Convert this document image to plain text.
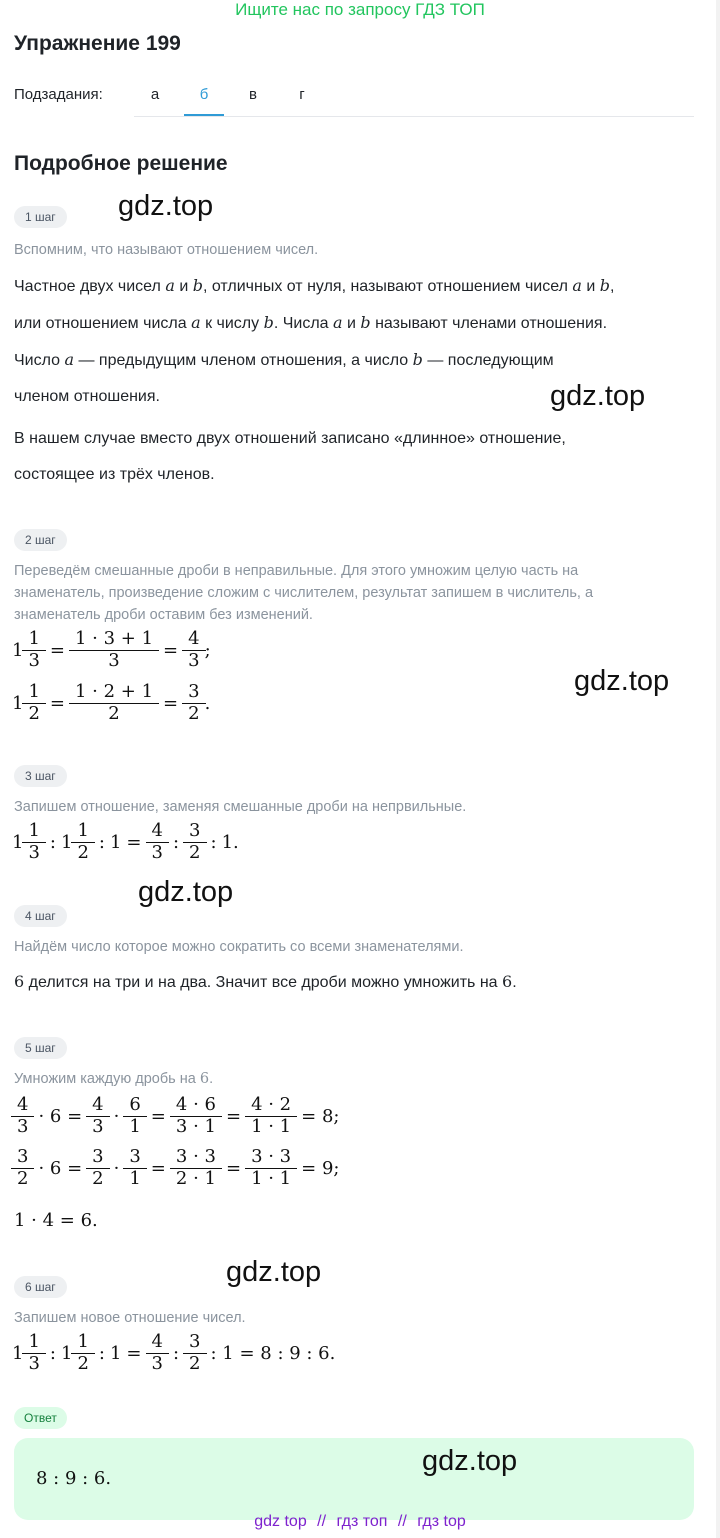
Ищите нас по запросу ГДЗ ТОП
Упражнение 199
Подзадания:	а	б	в	г
Подробное решение
1 шаг	gdz.top
Вспомним, что называют отношением чисел.
Частное двух чисел a и b, отличных от нуля, называют отношением чисел a и b,
или отношением числа a к числу b. Числа a и b называют членами отношения.
Число a — предыдущим членом отношения, а число b — последующим
членом отношения.	gdz.top
В нашем случае вместо двух отношений записано «длинное» отношение,
состоящее из трёх членов.
2 шаг
Переведём смешанные дроби в неправильные. Для этого умножим целую часть на
знаменатель, произведение сложим с числителем, результат запишем в числитель, а
знаменатель дроби оставим без изменений.
$1 \frac{1}{3} = \frac{1 \cdot 3 + 1}{3} = \frac{4}{3}$ ;
$1 \frac{1}{2} = \frac{1 \cdot 2 + 1}{2} = \frac{3}{2}$ .
gdz.top
3 шаг
Запишем отношение, заменяя смешанные дроби на непрвильные.
$1 \frac{1}{3}$ : $1 \frac{1}{2}$ : $1 = \frac{4}{3}$ : $\frac{3}{2}$ : 1.
gdz.top
4 шаг
Найдём число которое можно сократить со всеми знаменателями.
6 делится на три и на два. Значит все дроби можно умножить на 6.
5 шаг
Умножим каждую дробь на 6.
$\frac{4}{3} \cdot 6 = \frac{4}{3} \cdot \frac{6}{1} = \frac{4 \cdot 6}{3 \cdot 1} = \frac{4 \cdot 2}{1 \cdot 1} = 8$;
$\frac{3}{2} \cdot 6 = \frac{3}{2} \cdot \frac{3}{1} = \frac{3 \cdot 3}{2 \cdot 1} = \frac{3 \cdot 3}{1 \cdot 1} = 9$;
1 · 4 = 6.
6 шаг	gdz.top
Запишем новое отношение чисел.
$1 \frac{1}{3}$ : $1 \frac{1}{2}$ : $1 = \frac{4}{3}$ : $\frac{3}{2}$ : 1 = 8 : 9 : 6.
Ответ
8 : 9 : 6.
gdz.top
gdz top // гдз топ // гдз top
